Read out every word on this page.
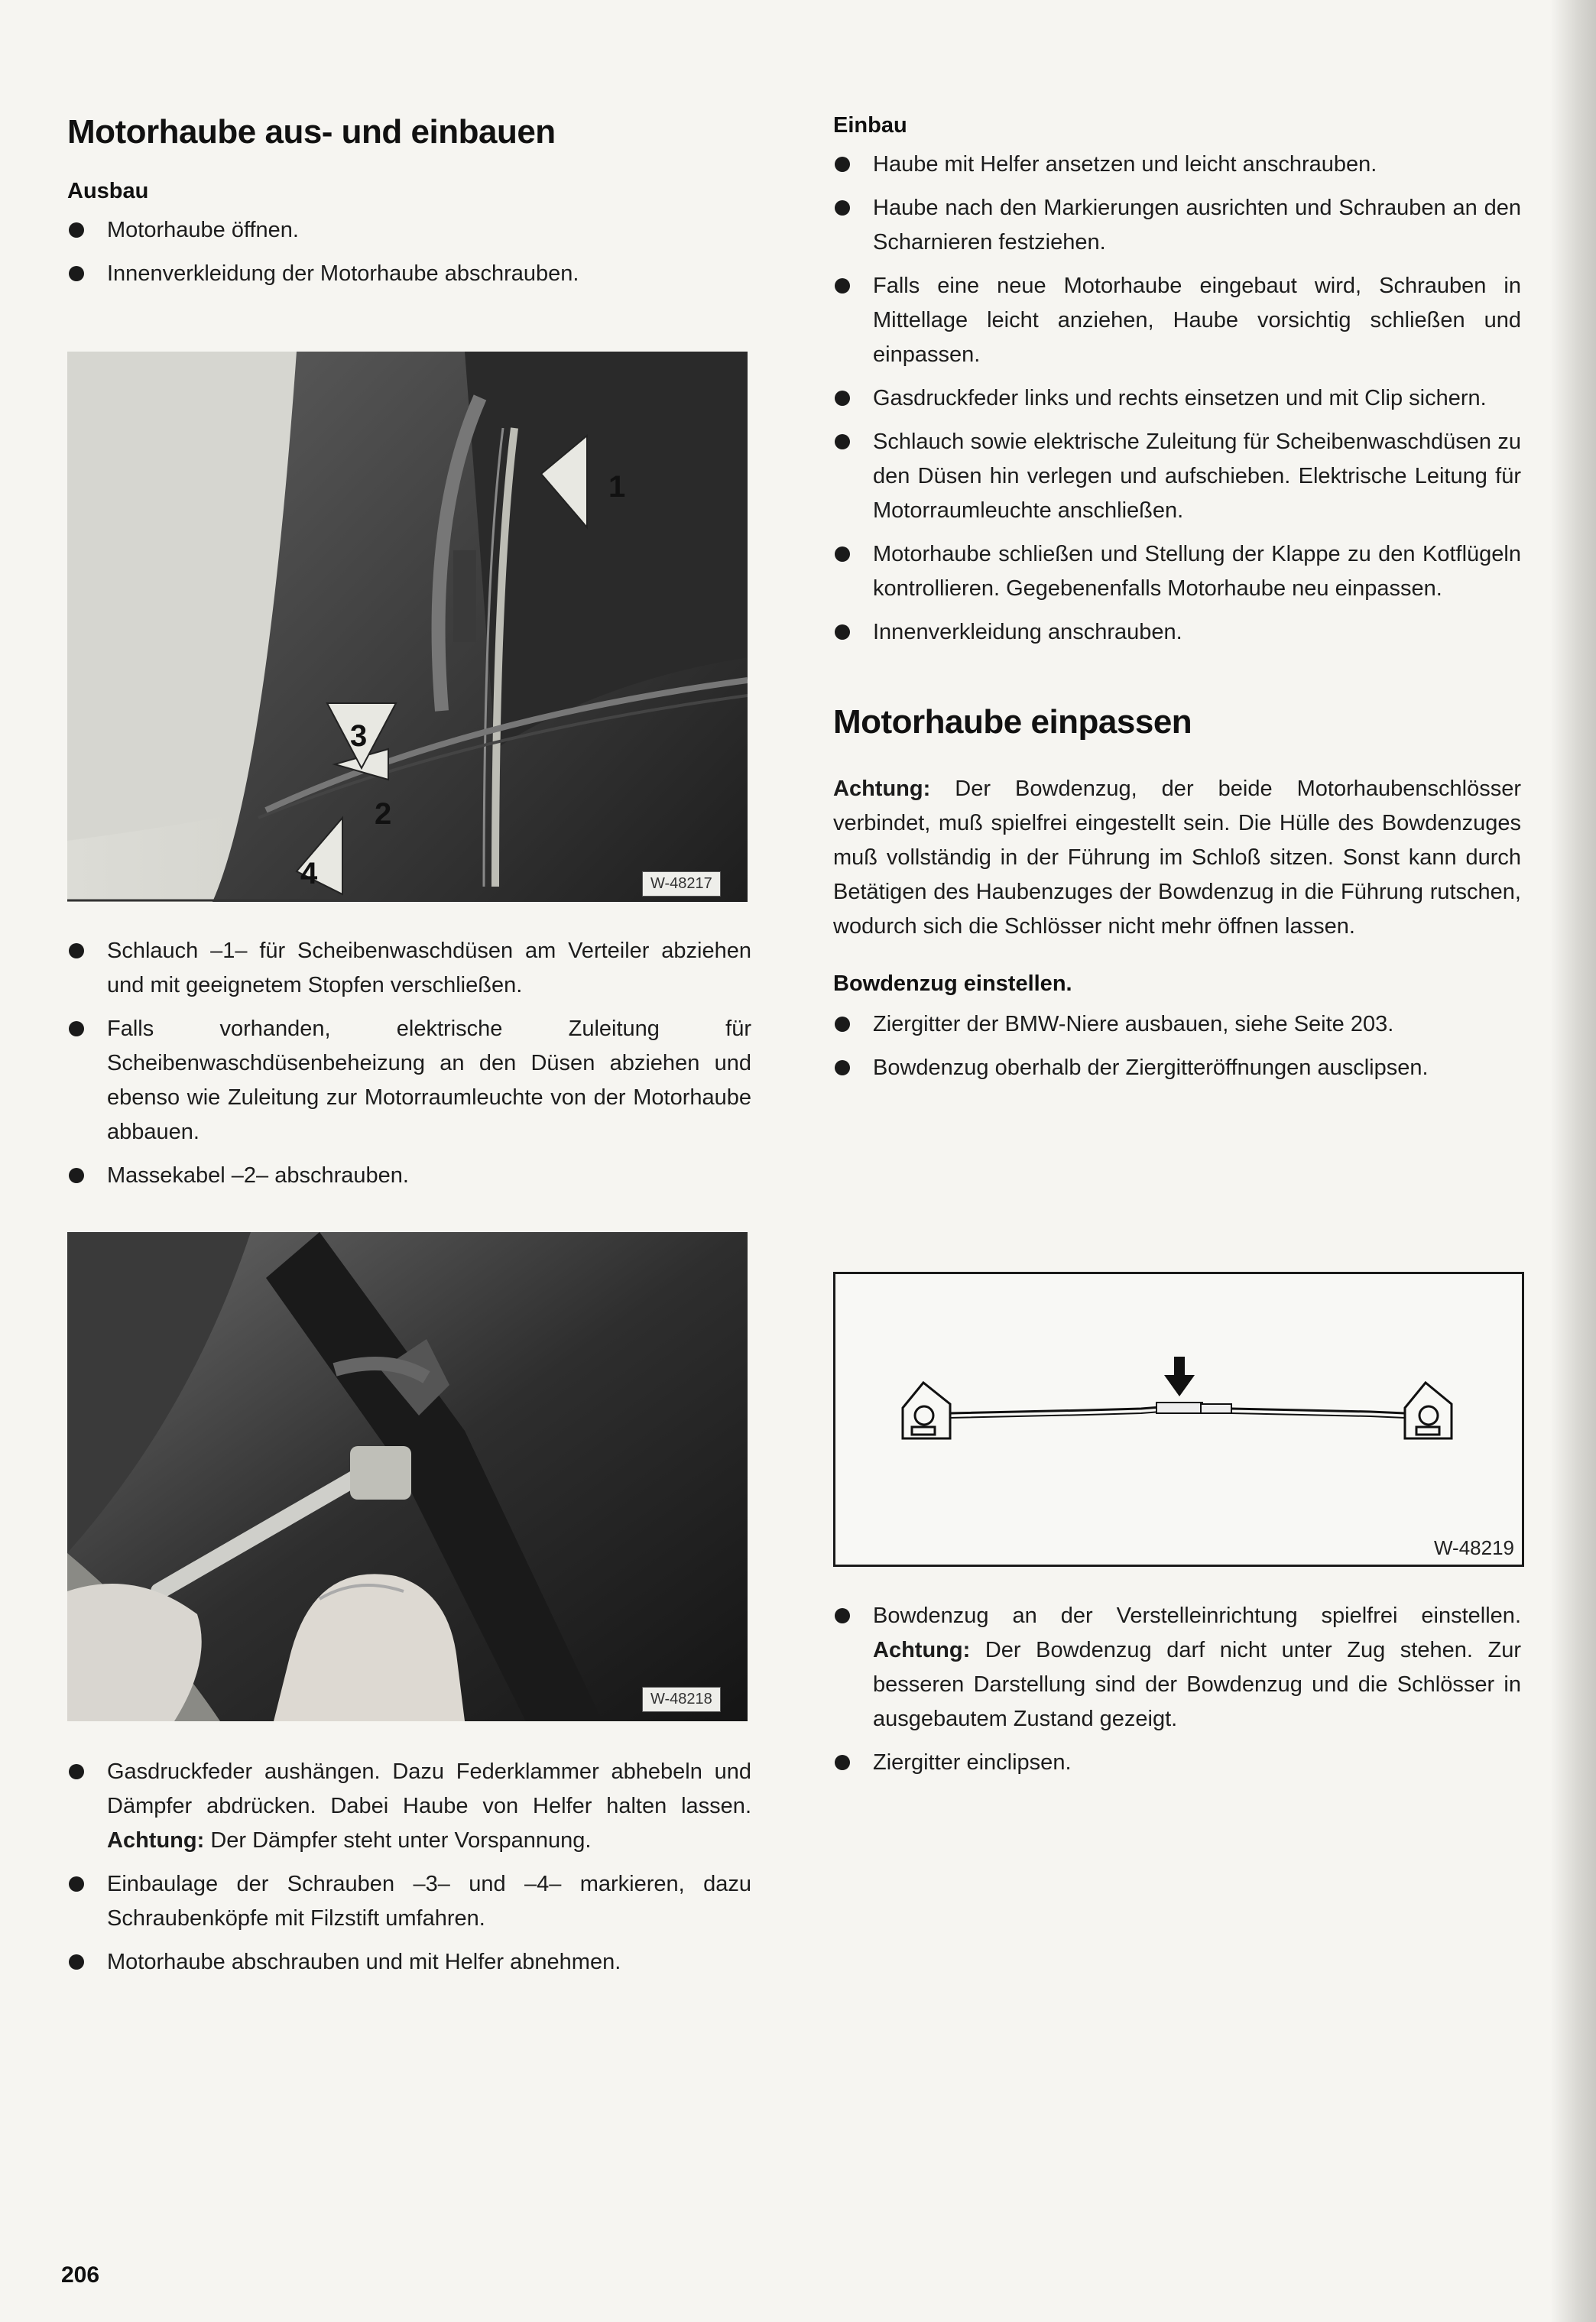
Motorhaube aus- und einbauen
Ausbau
Motorhaube öffnen.
Innenverkleidung der Motorhaube abschrauben.
1
2
3
4	W-48217
Schlauch –1– für Scheibenwaschdüsen am Verteiler abziehen und mit geeignetem Stopfen verschließen.
Falls vorhanden, elektrische Zuleitung für Scheibenwaschdüsenbeheizung an den Düsen abziehen und ebenso wie Zuleitung zur Motorraumleuchte von der Motorhaube abbauen.
Massekabel –2– abschrauben.
W-48218
Gasdruckfeder aushängen. Dazu Federklammer abhebeln und Dämpfer abdrücken. Dabei Haube von Helfer halten lassen. Achtung: Der Dämpfer steht unter Vorspannung.
Einbaulage der Schrauben –3– und –4– markieren, dazu Schraubenköpfe mit Filzstift umfahren.
Motorhaube abschrauben und mit Helfer abnehmen.
Einbau
Haube mit Helfer ansetzen und leicht anschrauben.
Haube nach den Markierungen ausrichten und Schrauben an den Scharnieren festziehen.
Falls eine neue Motorhaube eingebaut wird, Schrauben in Mittellage leicht anziehen, Haube vorsichtig schließen und einpassen.
Gasdruckfeder links und rechts einsetzen und mit Clip sichern.
Schlauch sowie elektrische Zuleitung für Scheibenwaschdüsen zu den Düsen hin verlegen und aufschieben. Elektrische Leitung für Motorraumleuchte anschließen.
Motorhaube schließen und Stellung der Klappe zu den Kotflügeln kontrollieren. Gegebenenfalls Motorhaube neu einpassen.
Innenverkleidung anschrauben.
Motorhaube einpassen

Achtung: Der Bowdenzug, der beide Motorhaubenschlösser verbindet, muß spielfrei eingestellt sein. Die Hülle des Bowdenzuges muß vollständig in der Führung im Schloß sitzen. Sonst kann durch Betätigen des Haubenzuges der Bowdenzug in die Führung rutschen, wodurch sich die Schlösser nicht mehr öffnen lassen.

Bowdenzug einstellen.
Ziergitter der BMW-Niere ausbauen, siehe Seite 203.
Bowdenzug oberhalb der Ziergitteröffnungen ausclipsen.
W-48219
Bowdenzug an der Verstelleinrichtung spielfrei einstellen. Achtung: Der Bowdenzug darf nicht unter Zug stehen. Zur besseren Darstellung sind der Bowdenzug und die Schlösser in ausgebautem Zustand gezeigt.
Ziergitter einclipsen.
206
